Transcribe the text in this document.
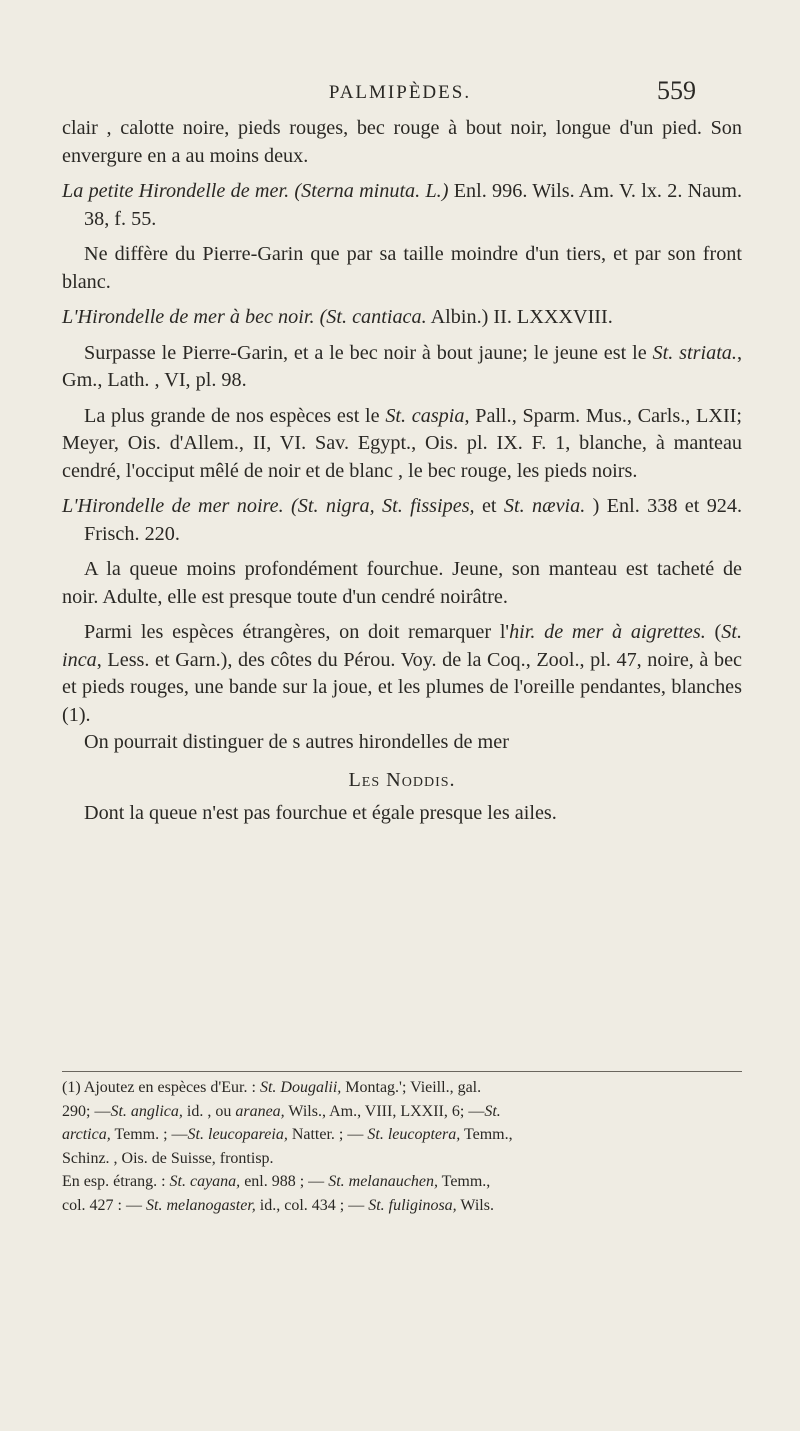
PALMIPÈDES.	559

clair , calotte noire, pieds rouges, bec rouge à bout noir, longue d'un pied. Son envergure en a au moins deux.

La petite Hirondelle de mer. (Sterna minuta. L.) Enl. 996. Wils. Am. V. lx. 2. Naum. 38, f. 55.

Ne diffère du Pierre-Garin que par sa taille moindre d'un tiers, et par son front blanc.

L'Hirondelle de mer à bec noir. (St. cantiaca. Albin.) II. LXXXVIII.

Surpasse le Pierre-Garin, et a le bec noir à bout jaune; le jeune est le St. striata., Gm., Lath. , VI, pl. 98.

La plus grande de nos espèces est le St. caspia, Pall., Sparm. Mus., Carls., LXII; Meyer, Ois. d'Allem., II, VI. Sav. Egypt., Ois. pl. IX. F. 1, blanche, à manteau cendré, l'occiput mêlé de noir et de blanc , le bec rouge, les pieds noirs.

L'Hirondelle de mer noire. (St. nigra, St. fissipes, et St. nævia. ) Enl. 338 et 924. Frisch. 220.

A la queue moins profondément fourchue. Jeune, son manteau est tacheté de noir. Adulte, elle est presque toute d'un cendré noirâtre.

Parmi les espèces étrangères, on doit remarquer l'hir. de mer à aigrettes. (St. inca, Less. et Garn.), des côtes du Pérou. Voy. de la Coq., Zool., pl. 47, noire, à bec et pieds rouges, une bande sur la joue, et les plumes de l'oreille pendantes, blanches (1).

On pourrait distinguer de s autres hirondelles de mer

Les Noddis.

Dont la queue n'est pas fourchue et égale presque les ailes.

(1) Ajoutez en espèces d'Eur. : St. Dougalii, Montag.'; Vieill., gal.

290; —St. anglica, id. , ou aranea, Wils., Am., VIII, LXXII, 6; —St.

arctica, Temm. ; —St. leucopareia, Natter. ; — St. leucoptera, Temm.,

Schinz. , Ois. de Suisse, frontisp.

En esp. étrang. : St. cayana, enl. 988 ; — St. melanauchen, Temm.,

col. 427 : — St. melanogaster, id., col. 434 ; — St. fuliginosa, Wils.
